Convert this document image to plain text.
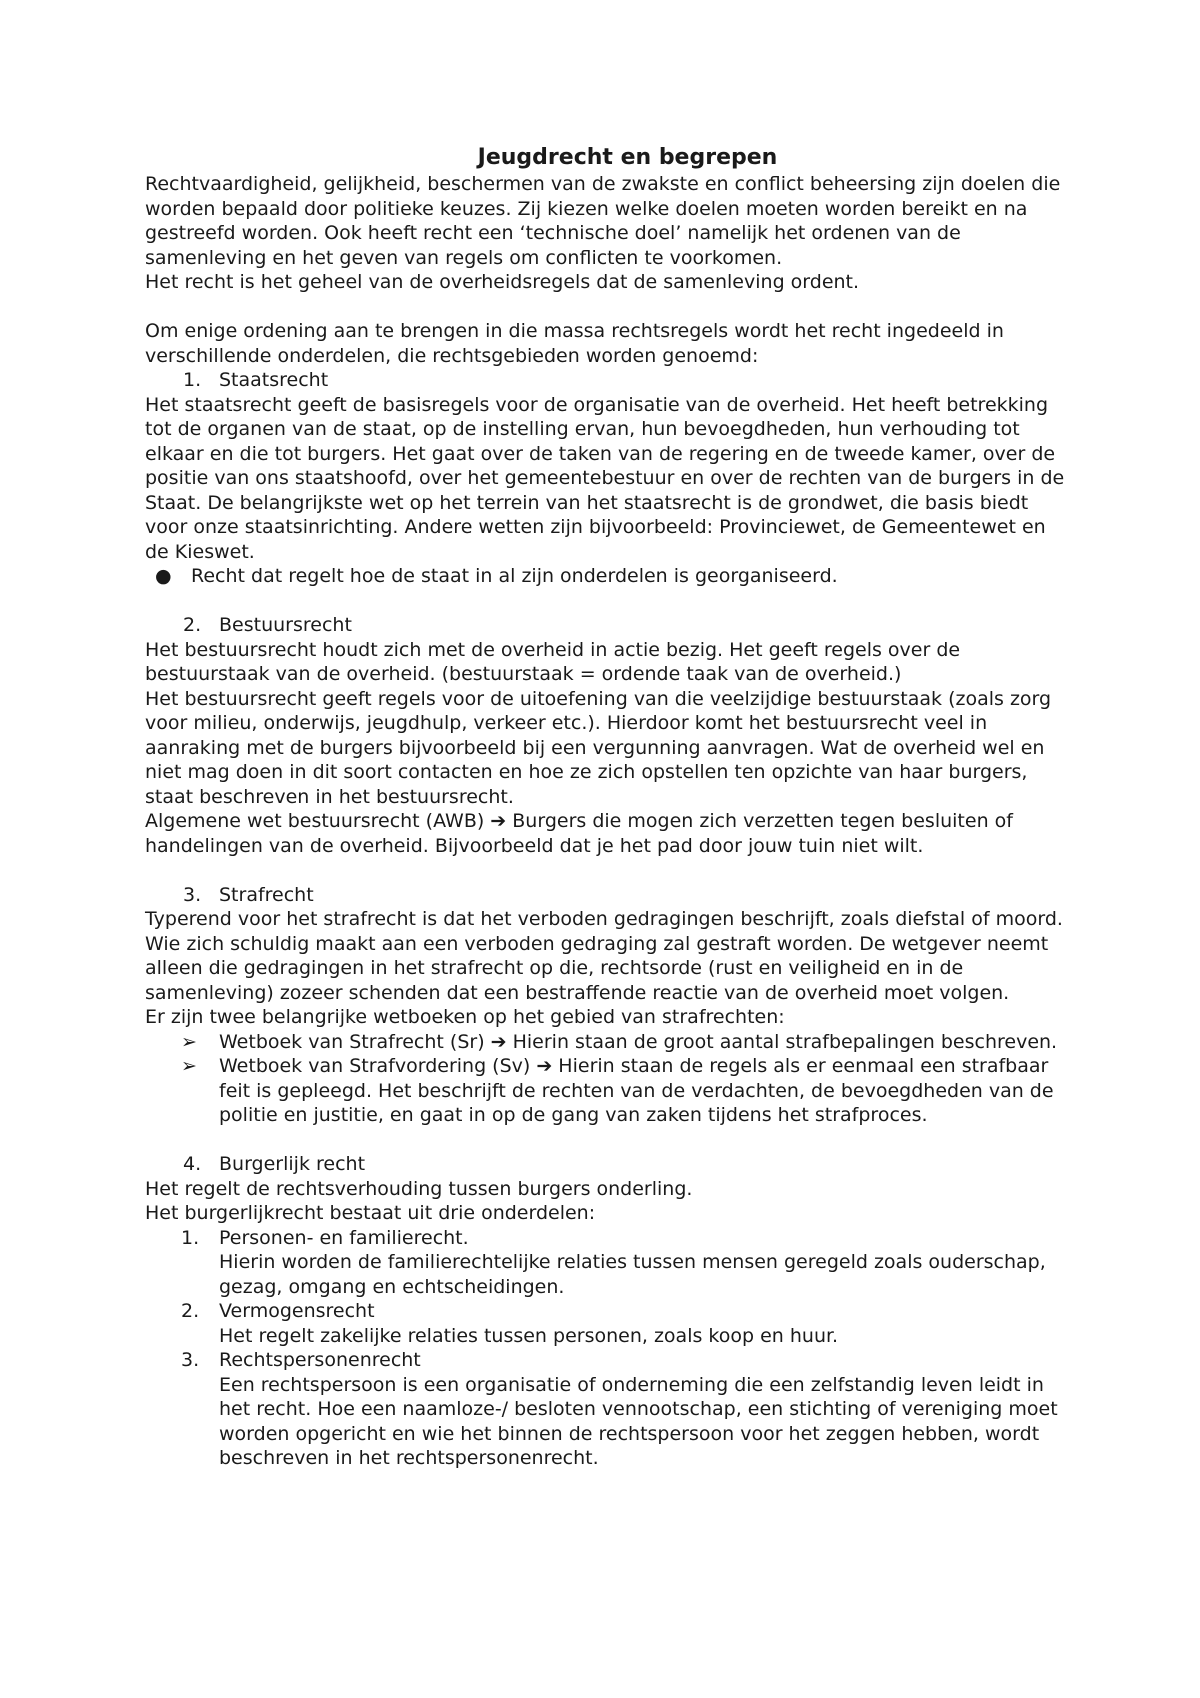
Jeugdrecht en begrepen

Rechtvaardigheid, gelijkheid, beschermen van de zwakste en conflict beheersing zijn doelen die worden bepaald door politieke keuzes. Zij kiezen welke doelen moeten worden bereikt en na gestreefd worden. Ook heeft recht een ‘technische doel’ namelijk het ordenen van de samenleving en het geven van regels om conflicten te voorkomen.

Het recht is het geheel van de overheidsregels dat de samenleving ordent.

Om enige ordening aan te brengen in die massa rechtsregels wordt het recht ingedeeld in verschillende onderdelen, die rechtsgebieden worden genoemd:

1. Staatsrecht

Het staatsrecht geeft de basisregels voor de organisatie van de overheid. Het heeft betrekking tot de organen van de staat, op de instelling ervan, hun bevoegdheden, hun verhouding tot elkaar en die tot burgers. Het gaat over de taken van de regering en de tweede kamer, over de positie van ons staatshoofd, over het gemeentebestuur en over de rechten van de burgers in de Staat. De belangrijkste wet op het terrein van het staatsrecht is de grondwet, die basis biedt voor onze staatsinrichting. Andere wetten zijn bijvoorbeeld: Provinciewet, de Gemeentewet en de Kieswet.

● Recht dat regelt hoe de staat in al zijn onderdelen is georganiseerd.
2. Bestuursrecht

Het bestuursrecht houdt zich met de overheid in actie bezig. Het geeft regels over de bestuurstaak van de overheid. (bestuurstaak = ordende taak van de overheid.)

Het bestuursrecht geeft regels voor de uitoefening van die veelzijdige bestuurstaak (zoals zorg voor milieu, onderwijs, jeugdhulp, verkeer etc.). Hierdoor komt het bestuursrecht veel in aanraking met de burgers bijvoorbeeld bij een vergunning aanvragen. Wat de overheid wel en niet mag doen in dit soort contacten en hoe ze zich opstellen ten opzichte van haar burgers, staat beschreven in het bestuursrecht.

Algemene wet bestuursrecht (AWB) ➔ Burgers die mogen zich verzetten tegen besluiten of handelingen van de overheid. Bijvoorbeeld dat je het pad door jouw tuin niet wilt.

3. Strafrecht

Typerend voor het strafrecht is dat het verboden gedragingen beschrijft, zoals diefstal of moord. Wie zich schuldig maakt aan een verboden gedraging zal gestraft worden. De wetgever neemt alleen die gedragingen in het strafrecht op die, rechtsorde (rust en veiligheid en in de samenleving) zozeer schenden dat een bestraffende reactie van de overheid moet volgen.

Er zijn twee belangrijke wetboeken op het gebied van strafrechten:

➢ Wetboek van Strafrecht (Sr) ➔ Hierin staan de groot aantal strafbepalingen beschreven.
➢ Wetboek van Strafvordering (Sv) ➔ Hierin staan de regels als er eenmaal een strafbaar feit is gepleegd. Het beschrijft de rechten van de verdachten, de bevoegdheden van de politie en justitie, en gaat in op de gang van zaken tijdens het strafproces.
4. Burgerlijk recht

Het regelt de rechtsverhouding tussen burgers onderling.

Het burgerlijkrecht bestaat uit drie onderdelen:

1. Personen- en familierecht.
Hierin worden de familierechtelijke relaties tussen mensen geregeld zoals ouderschap, gezag, omgang en echtscheidingen.
2. Vermogensrecht
Het regelt zakelijke relaties tussen personen, zoals koop en huur.
3. Rechtspersonenrecht
Een rechtspersoon is een organisatie of onderneming die een zelfstandig leven leidt in het recht. Hoe een naamloze-/ besloten vennootschap, een stichting of vereniging moet worden opgericht en wie het binnen de rechtspersoon voor het zeggen hebben, wordt beschreven in het rechtspersonenrecht.
